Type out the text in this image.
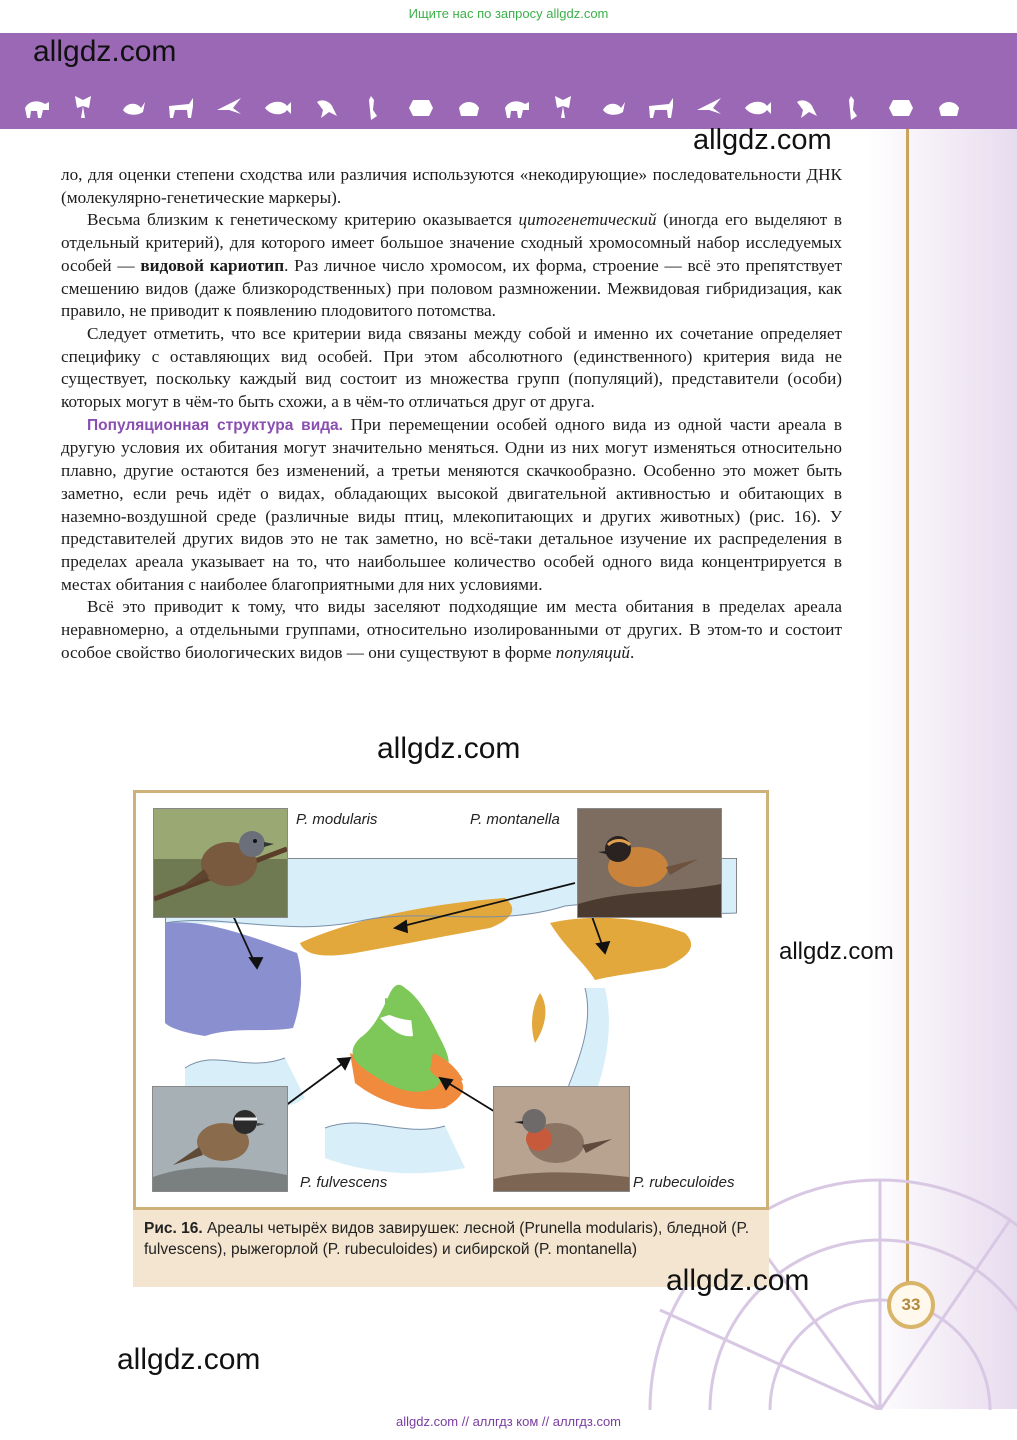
Ищите нас по запросу allgdz.com
allgdz.com
allgdz.com

ло, для оценки степени сходства или различия используются «некодирующие» последовательности ДНК (молекулярно-генетические маркеры).

Весьма близким к генетическому критерию оказывается цитогенетический (иногда его выделяют в отдельный критерий), для которого имеет большое значение сходный хромосомный набор исследуемых особей — видовой кариотип. Раз личное число хромосом, их форма, строение — всё это препятствует смешению видов (даже близкородственных) при половом размножении. Межвидовая гибридизация, как правило, не приводит к появлению плодовитого потомства.

Следует отметить, что все критерии вида связаны между собой и именно их сочетание определяет специфику с оставляющих вид особей. При этом абсолютного (единственного) критерия вида не существует, поскольку каждый вид состоит из множества групп (популяций), представители (особи) которых могут в чём-то быть схожи, а в чём-то отличаться друг от друга.

Популяционная структура вида. При перемещении особей одного вида из одной части ареала в другую условия их обитания могут значительно меняться. Одни из них могут изменяться относительно плавно, другие остаются без изменений, а третьи меняются скачкообразно. Особенно это может быть заметно, если речь идёт о видах, обладающих высокой двигательной активностью и обитающих в наземно-воздушной среде (различные виды птиц, млекопитающих и других животных) (рис. 16). У представителей других видов это не так заметно, но всё-таки детальное изучение их распределения в пределах ареала указывает на то, что наибольшее количество особей одного вида концентрируется в местах обитания с наиболее благоприятными для них условиями.

Всё это приводит к тому, что виды заселяют подходящие им места обитания в пределах ареала неравномерно, а отдельными группами, относительно изолированными от других. В этом-то и состоит особое свойство биологических видов — они существуют в форме популяций.

allgdz.com
P. modularis	P. montanella
P. fulvescens	P. rubeculoides
allgdz.com
Рис. 16. Ареалы четырёх видов завирушек: лесной (Prunella modularis), бледной (P. fulvescens), рыжегорлой (P. rubeculoides) и сибирской (P. montanella)
allgdz.com
33
allgdz.com
allgdz.com // аллгдз ком // аллгдз.com
